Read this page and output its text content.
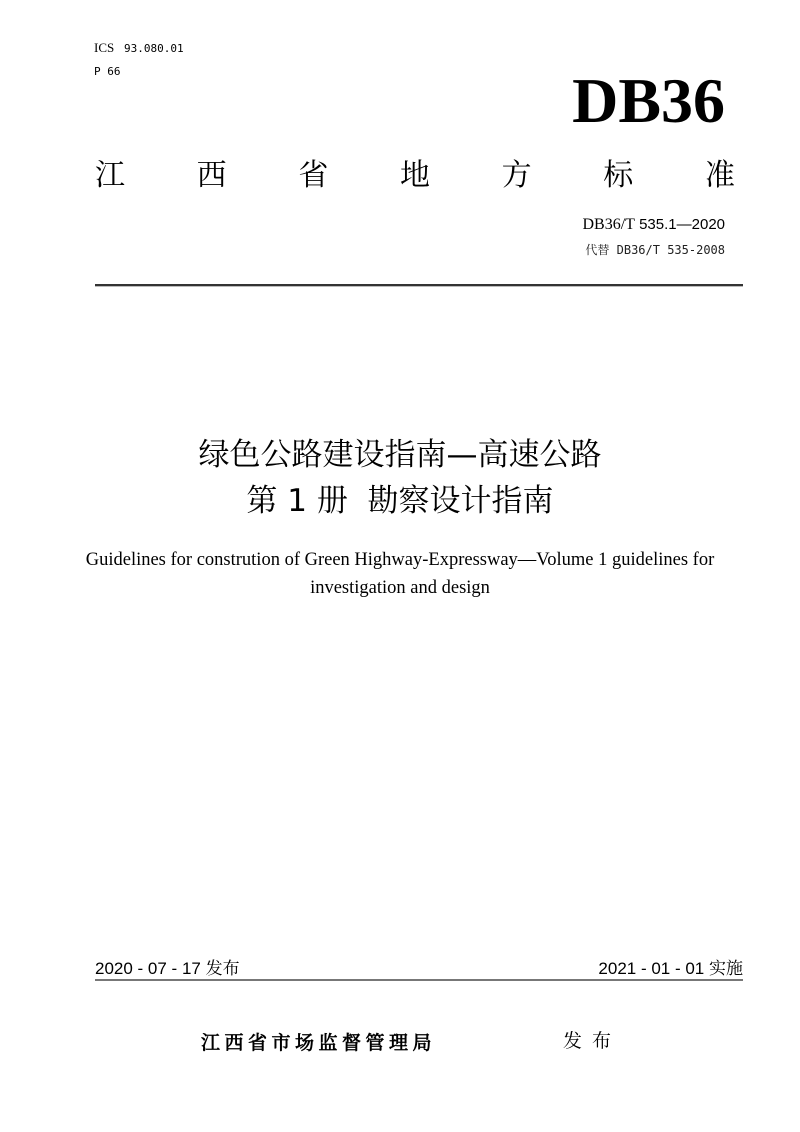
ICS 93.080.01
P 66	DB36
江 西 省 地 方 标 准
DB36/T 535.1—2020
代替 DB36/T 535-2008
绿色公路建设指南—高速公路
第 1 册  勘察设计指南
Guidelines for constrution of Green Highway-Expressway—Volume 1 guidelines for
investigation and design
2020 - 07 - 17 发布	2021 - 01 - 01 实施
江西省市场监督管理局	发布
